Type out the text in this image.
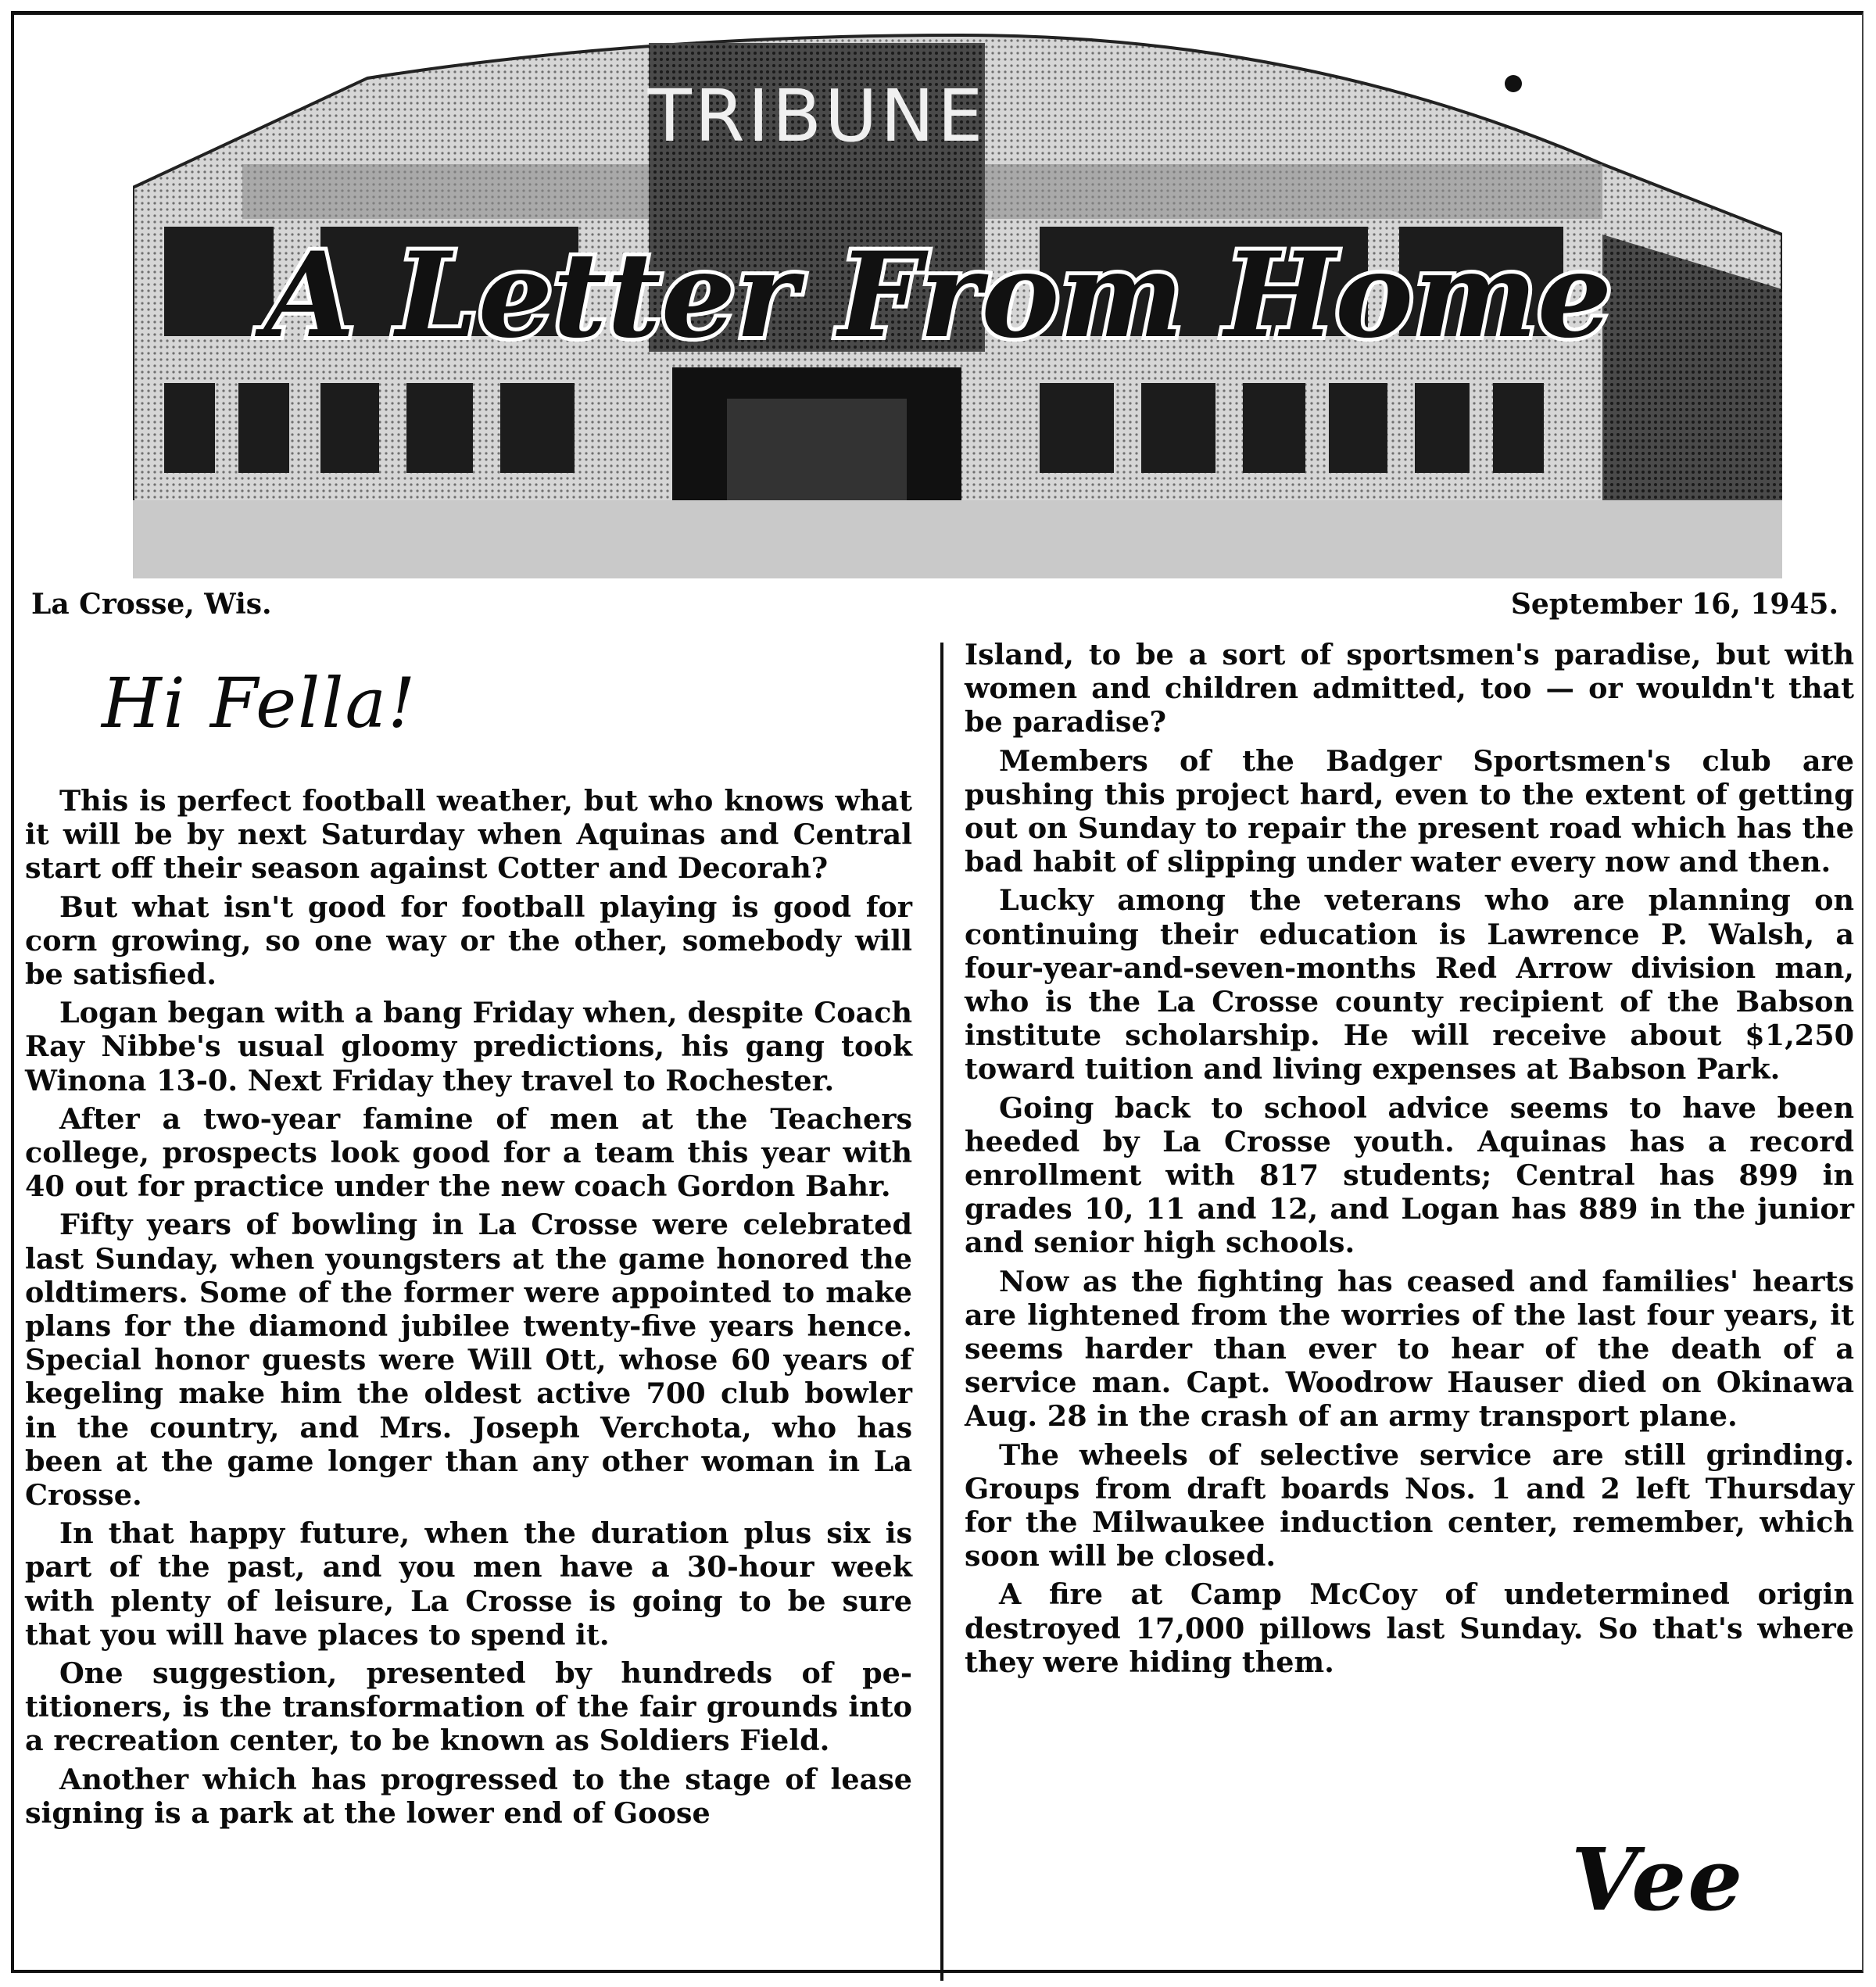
TRIBUNE
A Letter From Home
La Crosse, Wis.	September 16, 1945.
Hi Fella!

This is perfect football weather, but who knows what it will be by next Saturday when Aquinas and Central start off their season against Cotter and Decorah?

But what isn't good for football playing is good for corn growing, so one way or the other, somebody will be satisfied.

Logan began with a bang Friday when, despite Coach Ray Nibbe's usual gloomy predictions, his gang took Winona 13-0. Next Friday they travel to Rochester.

After a two-year famine of men at the Teachers college, prospects look good for a team this year with 40 out for practice under the new coach Gordon Bahr.

Fifty years of bowling in La Crosse were celebrated last Sunday, when youngsters at the game honored the oldtimers. Some of the former were appointed to make plans for the diamond jubilee twenty-five years hence. Special honor guests were Will Ott, whose 60 years of kegeling make him the oldest active 700 club bowler in the country, and Mrs. Joseph Verchota, who has been at the game longer than any other woman in La Crosse.

In that happy future, when the duration plus six is part of the past, and you men have a 30-hour week with plenty of leisure, La Crosse is going to be sure that you will have places to spend it.

One suggestion, presented by hundreds of petitioners, is the transformation of the fair grounds into a recreation center, to be known as Soldiers Field.

Another which has progressed to the stage of lease signing is a park at the lower end of Goose

Island, to be a sort of sportsmen's paradise, but with women and children admitted, too — or wouldn't that be paradise?

Members of the Badger Sportsmen's club are pushing this project hard, even to the extent of getting out on Sunday to repair the present road which has the bad habit of slipping under water every now and then.

Lucky among the veterans who are planning on continuing their education is Lawrence P. Walsh, a four-year-and-seven-months Red Arrow division man, who is the La Crosse county recipient of the Babson institute scholarship. He will receive about $1,250 toward tuition and living expenses at Babson Park.

Going back to school advice seems to have been heeded by La Crosse youth. Aquinas has a record enrollment with 817 students; Central has 899 in grades 10, 11 and 12, and Logan has 889 in the junior and senior high schools.

Now as the fighting has ceased and families' hearts are lightened from the worries of the last four years, it seems harder than ever to hear of the death of a service man. Capt. Woodrow Hauser died on Okinawa Aug. 28 in the crash of an army transport plane.

The wheels of selective service are still grinding. Groups from draft boards Nos. 1 and 2 left Thursday for the Milwaukee induction center, remember, which soon will be closed.

A fire at Camp McCoy of undetermined origin destroyed 17,000 pillows last Sunday. So that's where they were hiding them.

Vee
